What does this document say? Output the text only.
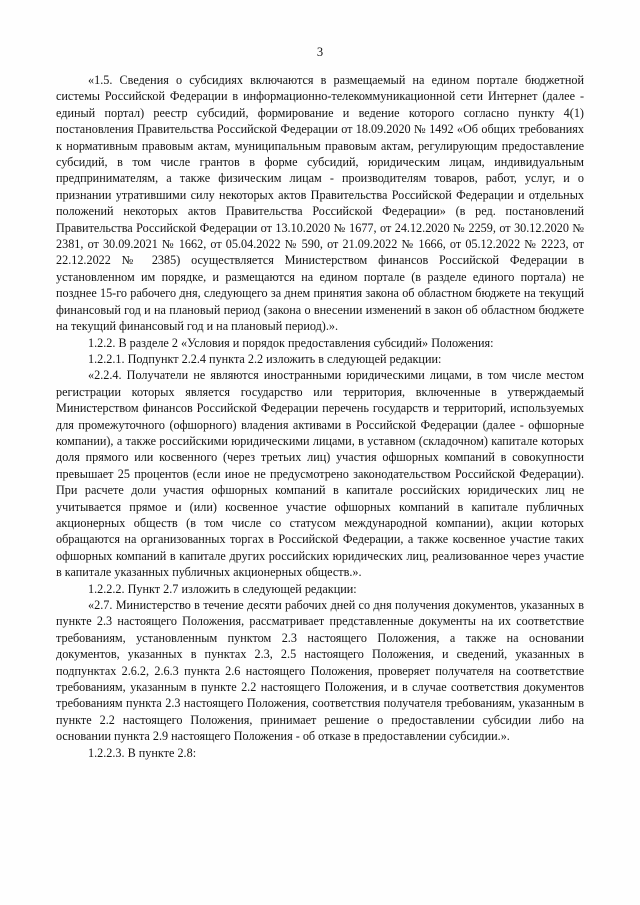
3

«1.5. Сведения о субсидиях включаются в размещаемый на едином портале бюджетной системы Российской Федерации в информационно-телекоммуникационной сети Интернет (далее - единый портал) реестр субсидий, формирование и ведение которого согласно пункту 4(1) постановления Правительства Российской Федерации от 18.09.2020 № 1492 «Об общих требованиях к нормативным правовым актам, муниципальным правовым актам, регулирующим предоставление субсидий, в том числе грантов в форме субсидий, юридическим лицам, индивидуальным предпринимателям, а также физическим лицам - производителям товаров, работ, услуг, и о признании утратившими силу некоторых актов Правительства Российской Федерации и отдельных положений некоторых актов Правительства Российской Федерации» (в ред. постановлений Правительства Российской Федерации от 13.10.2020 № 1677, от 24.12.2020 № 2259, от 30.12.2020 № 2381, от 30.09.2021 № 1662, от 05.04.2022 № 590, от 21.09.2022 № 1666, от 05.12.2022 № 2223, от 22.12.2022 № 2385) осуществляется Министерством финансов Российской Федерации в установленном им порядке, и размещаются на едином портале (в разделе единого портала) не позднее 15-го рабочего дня, следующего за днем принятия закона об областном бюджете на текущий финансовый год и на плановый период (закона о внесении изменений в закон об областном бюджете на текущий финансовый год и на плановый период).».

1.2.2. В разделе 2 «Условия и порядок предоставления субсидий» Положения:

1.2.2.1. Подпункт 2.2.4 пункта 2.2 изложить в следующей редакции:

«2.2.4. Получатели не являются иностранными юридическими лицами, в том числе местом регистрации которых является государство или территория, включенные в утверждаемый Министерством финансов Российской Федерации перечень государств и территорий, используемых для промежуточного (офшорного) владения активами в Российской Федерации (далее - офшорные компании), а также российскими юридическими лицами, в уставном (складочном) капитале которых доля прямого или косвенного (через третьих лиц) участия офшорных компаний в совокупности превышает 25 процентов (если иное не предусмотрено законодательством Российской Федерации). При расчете доли участия офшорных компаний в капитале российских юридических лиц не учитывается прямое и (или) косвенное участие офшорных компаний в капитале публичных акционерных обществ (в том числе со статусом международной компании), акции которых обращаются на организованных торгах в Российской Федерации, а также косвенное участие таких офшорных компаний в капитале других российских юридических лиц, реализованное через участие в капитале указанных публичных акционерных обществ.».

1.2.2.2. Пункт 2.7 изложить в следующей редакции:

«2.7. Министерство в течение десяти рабочих дней со дня получения документов, указанных в пункте 2.3 настоящего Положения, рассматривает представленные документы на их соответствие требованиям, установленным пунктом 2.3 настоящего Положения, а также на основании документов, указанных в пунктах 2.3, 2.5 настоящего Положения, и сведений, указанных в подпунктах 2.6.2, 2.6.3 пункта 2.6 настоящего Положения, проверяет получателя на соответствие требованиям, указанным в пункте 2.2 настоящего Положения, и в случае соответствия документов требованиям пункта 2.3 настоящего Положения, соответствия получателя требованиям, указанным в пункте 2.2 настоящего Положения, принимает решение о предоставлении субсидии либо на основании пункта 2.9 настоящего Положения - об отказе в предоставлении субсидии.».

1.2.2.3. В пункте 2.8:
